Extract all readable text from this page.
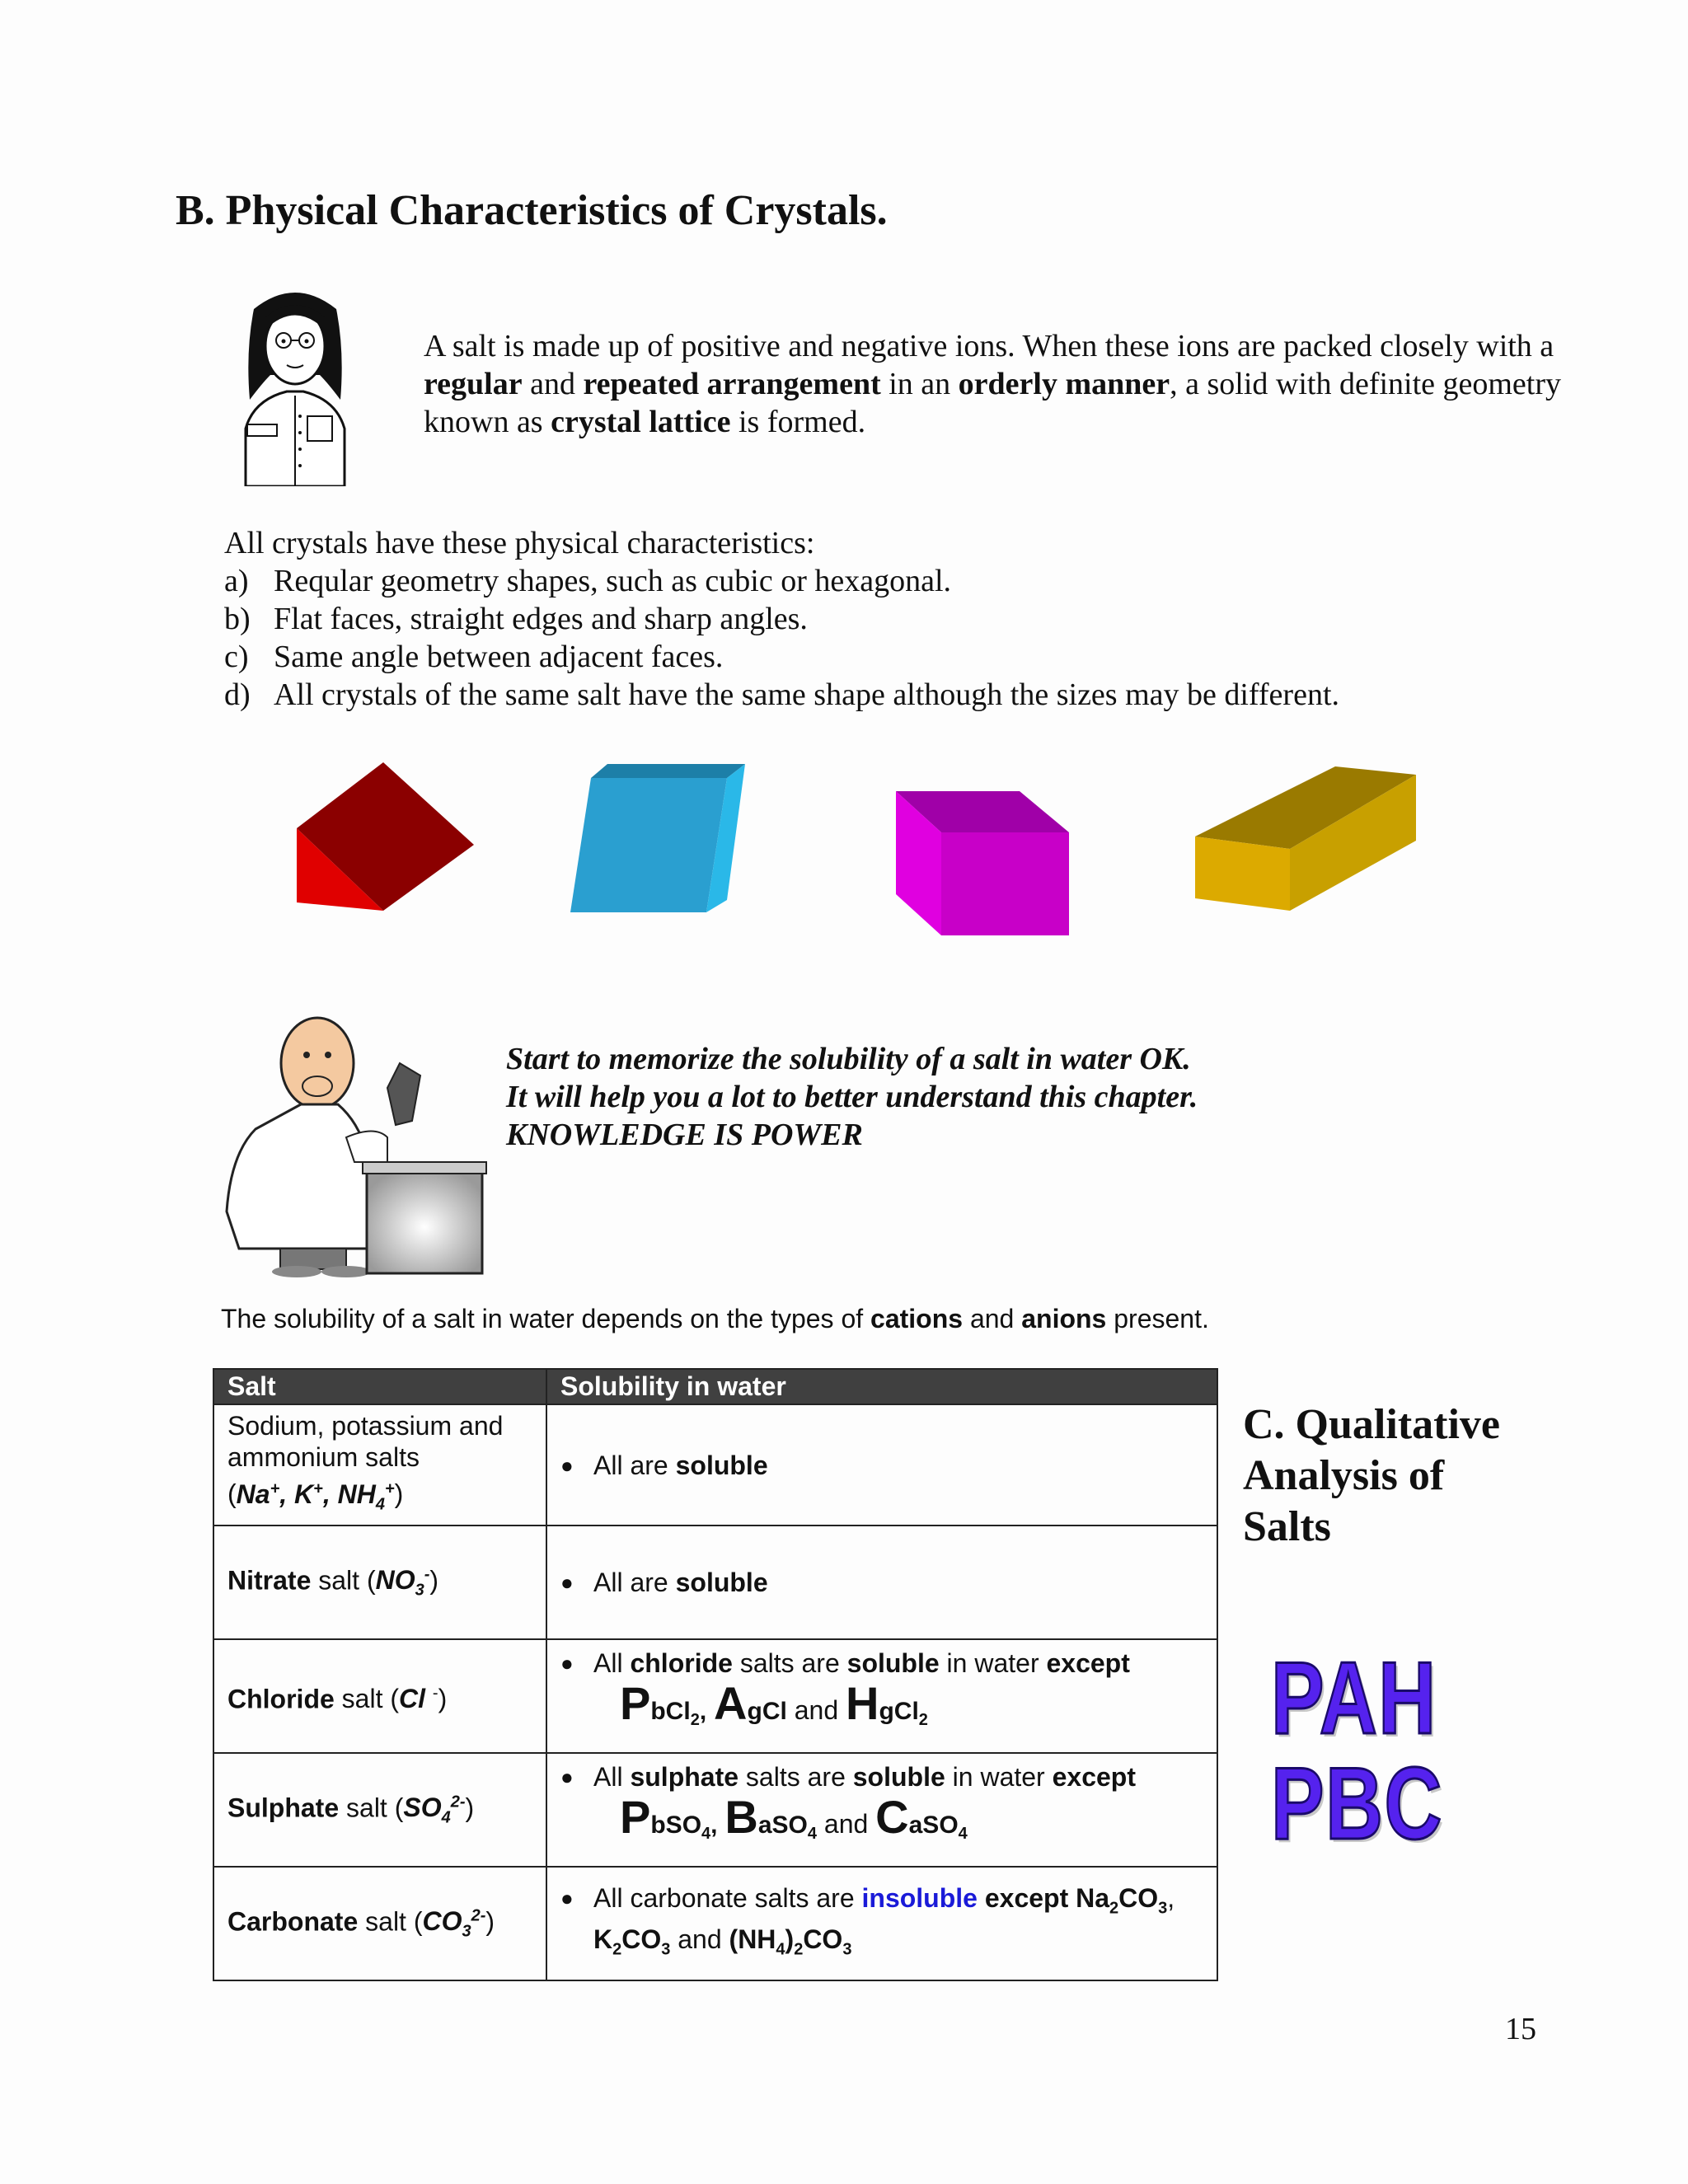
B. Physical Characteristics of Crystals.
A salt is made up of positive and negative ions. When these ions are packed closely with a regular and repeated arrangement in an orderly manner, a solid with definite geometry known as crystal lattice is formed.
All crystals have these physical characteristics:
a) Reqular geometry shapes, such as cubic or hexagonal.
b) Flat faces, straight edges and sharp angles.
c) Same angle between adjacent faces.
d) All crystals of the same salt have the same shape although the sizes may be different.
Start to memorize the solubility of a salt in water OK.
It will help you a lot to better understand this chapter.
KNOWLEDGE IS POWER
The solubility of a salt in water depends on the types of cations and anions present.
Salt	Solubility in water
Sodium, potassium and ammonium salts
(Na+, K+, $NH_4^+$)	● All are soluble

Nitrate salt $(NO_3^-)$	● All are soluble

Chloride salt (Cl -)	● All chloride salts are soluble in water except
PbCl$_2$, AgCl and HgCl$_2$

Sulphate salt $(SO_4^{2-})$	● All sulphate salts are soluble in water except
PbSO$_4$, BaSO$_4$ and CaSO$_4$

Carbonate salt $(CO_3^{2-})$	● All carbonate salts are insoluble except $Na_2CO_3$,
$K_2CO_3$ and $(NH_4)_2CO_3$
C. Qualitative
Analysis of
Salts
PAH
PBC
15
